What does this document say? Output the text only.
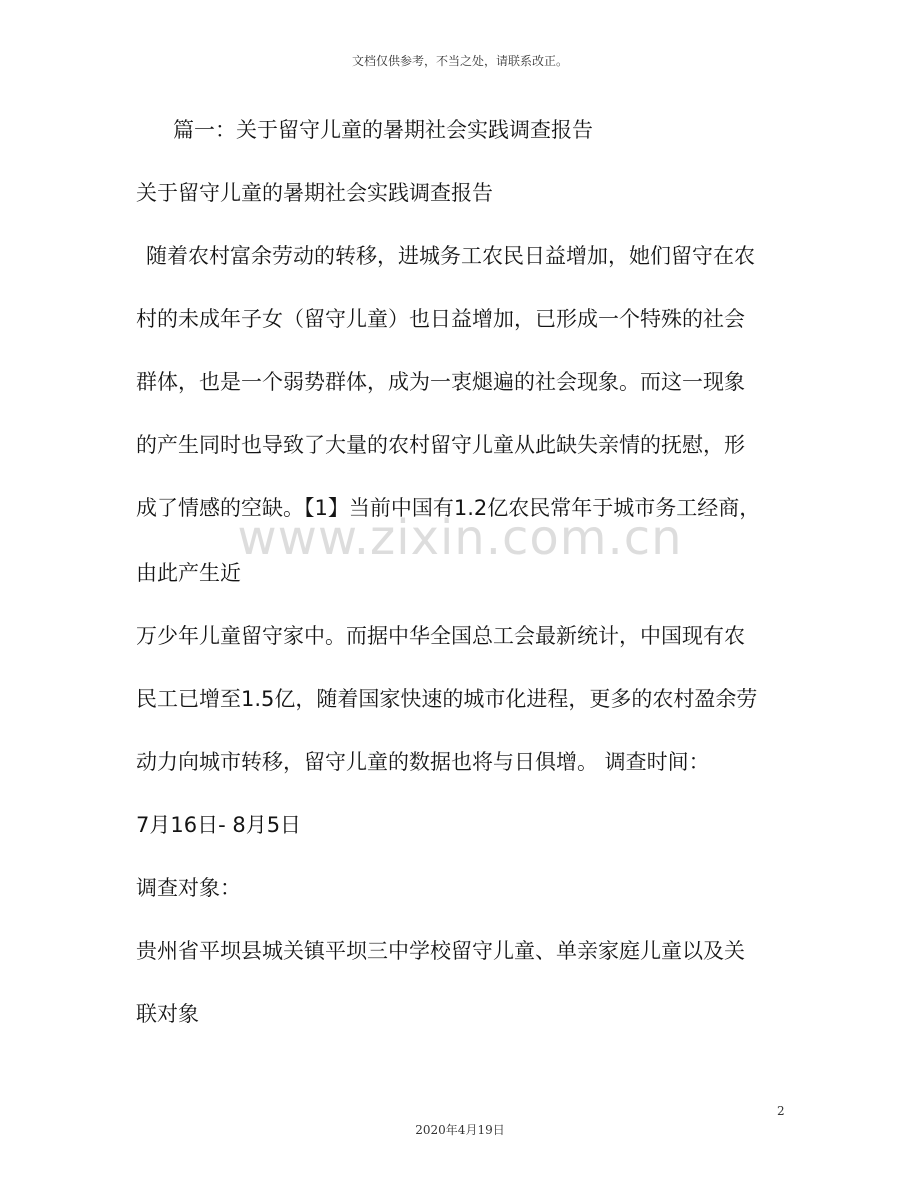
文档仅供参考，不当之处，请联系改正。
篇一：关于留守儿童的暑期社会实践调查报告
关于留守儿童的暑期社会实践调查报告
随着农村富余劳动的转移，进城务工农民日益增加，她们留守在农
村的未成年子女（留守儿童）也日益增加，已形成一个特殊的社会
群体，也是一个弱势群体，成为一衷煺遍的社会现象。而这一现象
的产生同时也导致了大量的农村留守儿童从此缺失亲情的抚慰，形
成了情感的空缺。【1】当前中国有1.2亿农民常年于城市务工经商，
www.zixin.com.cn
由此产生近
万少年儿童留守家中。而据中华全国总工会最新统计，中国现有农
民工已增至1.5亿，随着国家快速的城市化进程，更多的农村盈余劳
动力向城市转移，留守儿童的数据也将与日俱增。 调查时间：
7月16日- 8月5日
调查对象：
贵州省平坝县城关镇平坝三中学校留守儿童、单亲家庭儿童以及关
联对象
2
2020年4月19日
